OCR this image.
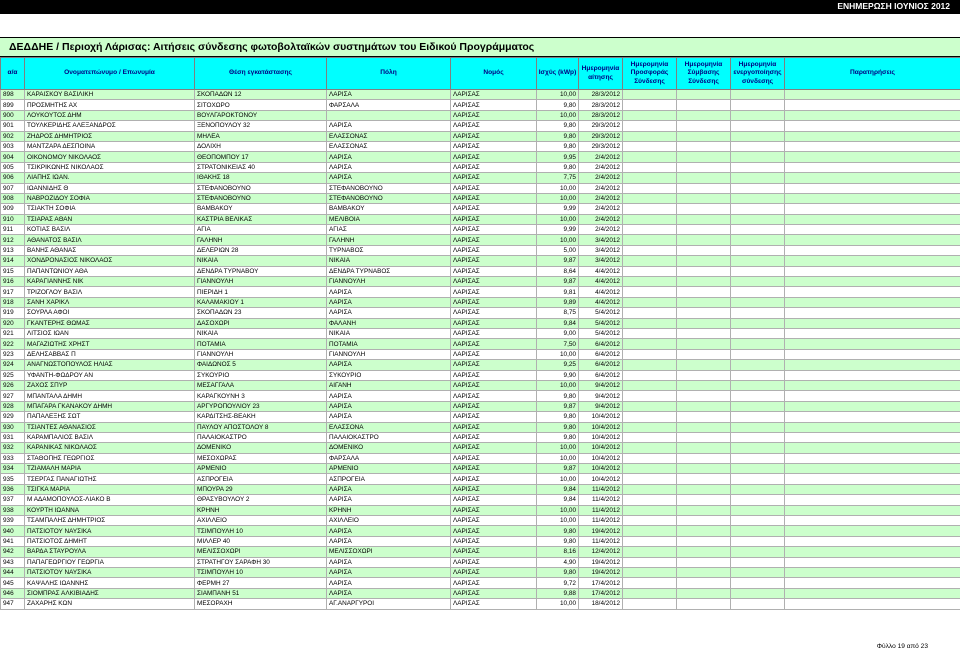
ΕΝΗΜΕΡΩΣΗ ΙΟΥΝΙΟΣ 2012
ΔΕΔΔΗΕ / Περιοχή Λάρισας: Αιτήσεις σύνδεσης φωτοβολταϊκών συστημάτων του Ειδικού Προγράμματος
α/α	Ονοματεπώνυμο / Επωνυμία	Θέση εγκατάστασης	Πόλη	Νομός	Ισχύς (kWp)	Ημερομηνία αίτησης	Ημερομηνία Προσφοράς Σύνδεσης	Ημερομηνία Σύμβασης Σύνδεσης	Ημερομηνία ενεργοποίησης σύνδεσης	Παρατηρήσεις
898	ΚΑΡΑΙΣΚΟΥ ΒΑΣΙΛΙΚΗ	ΣΚΟΠΑΔΩΝ 12	ΛΑΡΙΣΑ	ΛΑΡΙΣΑΣ	10,00	28/3/2012				
899	ΠΡΟΣΜΗΤΗΣ ΑΧ	ΣΙΤΟΧΩΡΟ	ΦΑΡΣΑΛΑ	ΛΑΡΙΣΑΣ	9,80	28/3/2012				
900	ΛΟΥΚΟΥΤΟΣ ΔΗΜ	ΒΟΥΛΓΑΡΟΚΤΟΝΟΥ		ΛΑΡΙΣΑΣ	10,00	28/3/2012				
901	ΤΟΥΛΚΕΡΙΔΗΣ ΑΛΕΞΑΝΔΡΟΣ	ΞΕΝΟΠΟΥΛΟΥ 32	ΛΑΡΙΣΑ	ΛΑΡΙΣΑΣ	9,80	29/3/2012				
902	ΖΗΔΡΟΣ ΔΗΜΗΤΡΙΟΣ	ΜΗΛΕΑ	ΕΛΑΣΣΟΝΑΣ	ΛΑΡΙΣΑΣ	9,80	29/3/2012				
903	ΜΑΝΤΖΑΡΑ ΔΕΣΠΟΙΝΑ	ΔΟΛΙΧΗ	ΕΛΑΣΣΟΝΑΣ	ΛΑΡΙΣΑΣ	9,80	29/3/2012				
904	ΟΙΚΟΝΟΜΟΥ ΝΙΚΟΛΑΟΣ	ΘΕΟΠΟΜΠΟΥ 17	ΛΑΡΙΣΑ	ΛΑΡΙΣΑΣ	9,95	2/4/2012				
905	ΤΣΙΚΡΙΚΩΝΗΣ ΝΙΚΟΛΑΟΣ	ΣΤΡΑΤΟΝΙΚΕΙΑΣ 40	ΛΑΡΙΣΑ	ΛΑΡΙΣΑΣ	9,80	2/4/2012				
906	ΛΙΑΠΗΣ ΙΩΑΝ.	ΙΘΑΚΗΣ 18	ΛΑΡΙΣΑ	ΛΑΡΙΣΑΣ	7,75	2/4/2012				
907	ΙΩΑΝΝΙΔΗΣ Θ	ΣΤΕΦΑΝΟΒΟΥΝΟ	ΣΤΕΦΑΝΟΒΟΥΝΟ	ΛΑΡΙΣΑΣ	10,00	2/4/2012				
908	ΝΑΒΡΟΖΙΔΟΥ ΣΟΦΙΑ	ΣΤΕΦΑΝΟΒΟΥΝΟ	ΣΤΕΦΑΝΟΒΟΥΝΟ	ΛΑΡΙΣΑΣ	10,00	2/4/2012				
909	ΤΣΙΑΚΤΗ ΣΟΦΙΑ	ΒΑΜΒΑΚΟΥ	ΒΑΜΒΑΚΟΥ	ΛΑΡΙΣΑΣ	9,99	2/4/2012				
910	ΤΣΙΑΡΑΣ ΑΘΑΝ	ΚΑΣΤΡΙΑ ΒΕΛΙΚΑΣ	ΜΕΛΙΒΟΙΑ	ΛΑΡΙΣΑΣ	10,00	2/4/2012				
911	ΚΟΤΙΑΣ ΒΑΣΙΛ	ΑΓΙΑ	ΑΓΙΑΣ	ΛΑΡΙΣΑΣ	9,99	2/4/2012				
912	ΑΘΑΝΑΤΟΣ ΒΑΣΙΛ	ΓΑΛΗΝΗ	ΓΑΛΗΝΗ	ΛΑΡΙΣΑΣ	10,00	3/4/2012				
913	ΒΑΝΗΣ ΑΘΑΝΑΣ	ΔΕΛΕΡΙΩΝ 28	ΤΥΡΝΑΒΟΣ	ΛΑΡΙΣΑΣ	5,00	3/4/2012				
914	ΧΟΝΔΡΟΝΑΣΙΟΣ ΝΙΚΟΛΑΟΣ	ΝΙΚΑΙΑ	ΝΙΚΑΙΑ	ΛΑΡΙΣΑΣ	9,87	3/4/2012				
915	ΠΑΠΑΝΤΩΝΙΟΥ ΑΘΑ	ΔΕΝΔΡΑ ΤΥΡΝΑΒΟΥ	ΔΕΝΔΡΑ ΤΥΡΝΑΒΟΣ	ΛΑΡΙΣΑΣ	8,64	4/4/2012				
916	ΚΑΡΑΓΙΑΝΝΗΣ ΝΙΚ	ΓΙΑΝΝΟΥΛΗ	ΓΙΑΝΝΟΥΛΗ	ΛΑΡΙΣΑΣ	9,87	4/4/2012				
917	ΤΡΙΖΟΓΛΟΥ ΒΑΣΙΛ	ΠΙΕΡΙΔΗ 1	ΛΑΡΙΣΑ	ΛΑΡΙΣΑΣ	9,81	4/4/2012				
918	ΣΑΝΗ ΧΑΡΙΚΛ	ΚΑΛΑΜΑΚΙΟΥ 1	ΛΑΡΙΣΑ	ΛΑΡΙΣΑΣ	9,89	4/4/2012				
919	ΣΟΥΡΛΑ ΑΦΟΙ	ΣΚΟΠΑΔΩΝ 23	ΛΑΡΙΣΑ	ΛΑΡΙΣΑΣ	8,75	5/4/2012				
920	ΓΚΑΝΤΕΡΗΣ ΘΩΜΑΣ	ΔΑΣΟΧΩΡΙ	ΦΑΛΑΝΗ	ΛΑΡΙΣΑΣ	9,84	5/4/2012				
921	ΛΙΤΣΙΟΣ ΙΩΑΝ	ΝΙΚΑΙΑ	ΝΙΚΑΙΑ	ΛΑΡΙΣΑΣ	9,00	5/4/2012				
922	ΜΑΓΑΖΙΩΤΗΣ ΧΡΗΣΤ	ΠΟΤΑΜΙΑ	ΠΟΤΑΜΙΑ	ΛΑΡΙΣΑΣ	7,50	6/4/2012				
923	ΔΕΛΗΣΑΒΒΑΣ Π	ΓΙΑΝΝΟΥΛΗ	ΓΙΑΝΝΟΥΛΗ	ΛΑΡΙΣΑΣ	10,00	6/4/2012				
924	ΑΝΑΓΝΩΣΤΟΠΟΥΛΟΣ ΗΛΙΑΣ	ΦΑΙΔΩΝΟΣ 5	ΛΑΡΙΣΑ	ΛΑΡΙΣΑΣ	9,25	6/4/2012				
925	ΥΦΑΝΤΗ-ΦΩΔΡΟΥ ΑΝ	ΣΥΚΟΥΡΙΟ	ΣΥΚΟΥΡΙΟ	ΛΑΡΙΣΑΣ	9,90	6/4/2012				
926	ΖΑΧΟΣ ΣΠΥΡ	ΜΕΣΑΓΓΑΛΑ	ΑΙΓΑΝΗ	ΛΑΡΙΣΑΣ	10,00	9/4/2012				
927	ΜΠΑΝΤΑΛΑ ΔΗΜΗ	ΚΑΡΑΓΚΟΥΝΗ 3	ΛΑΡΙΣΑ	ΛΑΡΙΣΑΣ	9,80	9/4/2012				
928	ΜΠΑΓΑΡΑ ΓΚΑΝΑΚΟΥ ΔΗΜΗ	ΑΡΓΥΡΟΠΟΥΛΙΟΥ 23	ΛΑΡΙΣΑ	ΛΑΡΙΣΑΣ	9,87	9/4/2012				
929	ΠΑΠΑΛΕΞΗΣ ΣΩΤ	ΚΑΡΔΙΤΣΗΣ-ΒΕΑΚΗ	ΛΑΡΙΣΑ	ΛΑΡΙΣΑΣ	9,80	10/4/2012				
930	ΤΣΙΑΝΤΕΣ ΑΘΑΝΑΣΙΟΣ	ΠΑΥΛΟΥ ΑΠΟΣΤΟΛΟΥ 8	ΕΛΑΣΣΟΝΑ	ΛΑΡΙΣΑΣ	9,80	10/4/2012				
931	ΚΑΡΑΜΠΑΛΙΟΣ ΒΑΣΙΛ	ΠΑΛΑΙΟΚΑΣΤΡΟ	ΠΑΛΑΙΟΚΑΣΤΡΟ	ΛΑΡΙΣΑΣ	9,80	10/4/2012				
932	ΚΑΡΑΝΙΚΑΣ ΝΙΚΟΛΑΟΣ	ΔΟΜΕΝΙΚΟ	ΔΟΜΕΝΙΚΟ	ΛΑΡΙΣΑΣ	10,00	10/4/2012				
933	ΣΤΑΘΟΠΗΣ ΓΕΩΡΓΙΟΣ	ΜΕΣΟΧΩΡΑΣ	ΦΑΡΣΑΛΑ	ΛΑΡΙΣΑΣ	10,00	10/4/2012				
934	ΤΖΙΑΜΑΛΗ ΜΑΡΙΑ	ΑΡΜΕΝΙΟ	ΑΡΜΕΝΙΟ	ΛΑΡΙΣΑΣ	9,87	10/4/2012				
935	ΤΣΕΡΓΑΣ ΠΑΝΑΓΙΩΤΗΣ	ΑΣΠΡΟΓΕΙΑ	ΑΣΠΡΟΓΕΙΑ	ΛΑΡΙΣΑΣ	10,00	10/4/2012				
936	ΤΣΙΓΚΑ ΜΑΡΙΑ	ΜΠΟΥΡΑ 29	ΛΑΡΙΣΑ	ΛΑΡΙΣΑΣ	9,84	11/4/2012				
937	Μ ΑΔΑΜΟΠΟΥΛΟΣ-ΛΙΑΚΟ Β	ΘΡΑΣΥΒΟΥΛΟΥ 2	ΛΑΡΙΣΑ	ΛΑΡΙΣΑΣ	9,84	11/4/2012				
938	ΚΟΥΡΤΗ ΙΩΑΝΝΑ	ΚΡΗΝΗ	ΚΡΗΝΗ	ΛΑΡΙΣΑΣ	10,00	11/4/2012				
939	ΤΣΑΜΠΑΛΗΣ ΔΗΜΗΤΡΙΟΣ	ΑΧΙΛΛΕΙΟ	ΑΧΙΛΛΕΙΟ	ΛΑΡΙΣΑΣ	10,00	11/4/2012				
940	ΠΑΤΣΙΟΤΟΥ ΝΑΥΣΙΚΑ	ΤΣΙΜΠΟΥΛΗ 10	ΛΑΡΙΣΑ	ΛΑΡΙΣΑΣ	9,80	19/4/2012				
941	ΠΑΤΣΙΟΤΟΣ ΔΗΜΗΤ	ΜΙΛΛΕΡ 40	ΛΑΡΙΣΑ	ΛΑΡΙΣΑΣ	9,80	11/4/2012				
942	ΒΑΡΔΑ ΣΤΑΥΡΟΥΛΑ	ΜΕΛΙΣΣΟΧΩΡΙ	ΜΕΛΙΣΣΟΧΩΡΙ	ΛΑΡΙΣΑΣ	8,16	12/4/2012				
943	ΠΑΠΑΓΕΩΡΓΙΟΥ ΓΕΩΡΓΙΑ	ΣΤΡΑΤΗΓΟΥ ΣΑΡΑΦΗ 30	ΛΑΡΙΣΑ	ΛΑΡΙΣΑΣ	4,90	19/4/2012				
944	ΠΑΤΣΙΟΤΟΥ ΝΑΥΣΙΚΑ	ΤΣΙΜΠΟΥΛΗ 10	ΛΑΡΙΣΑ	ΛΑΡΙΣΑΣ	9,80	19/4/2012				
945	ΚΑΨΑΛΗΣ ΙΩΑΝΝΗΣ	ΦΕΡΜΗ 27	ΛΑΡΙΣΑ	ΛΑΡΙΣΑΣ	9,72	17/4/2012				
946	ΣΙΟΜΠΡΑΣ ΑΛΚΙΒΙΑΔΗΣ	ΣΙΑΜΠΑΝΗ 51	ΛΑΡΙΣΑ	ΛΑΡΙΣΑΣ	9,88	17/4/2012				
947	ΖΑΧΑΡΗΣ ΚΩΝ	ΜΕΣΟΡΑΧΗ	ΑΓ.ΑΝΑΡΓΥΡΟΙ	ΛΑΡΙΣΑΣ	10,00	18/4/2012				
Φύλλο 19 από 23
